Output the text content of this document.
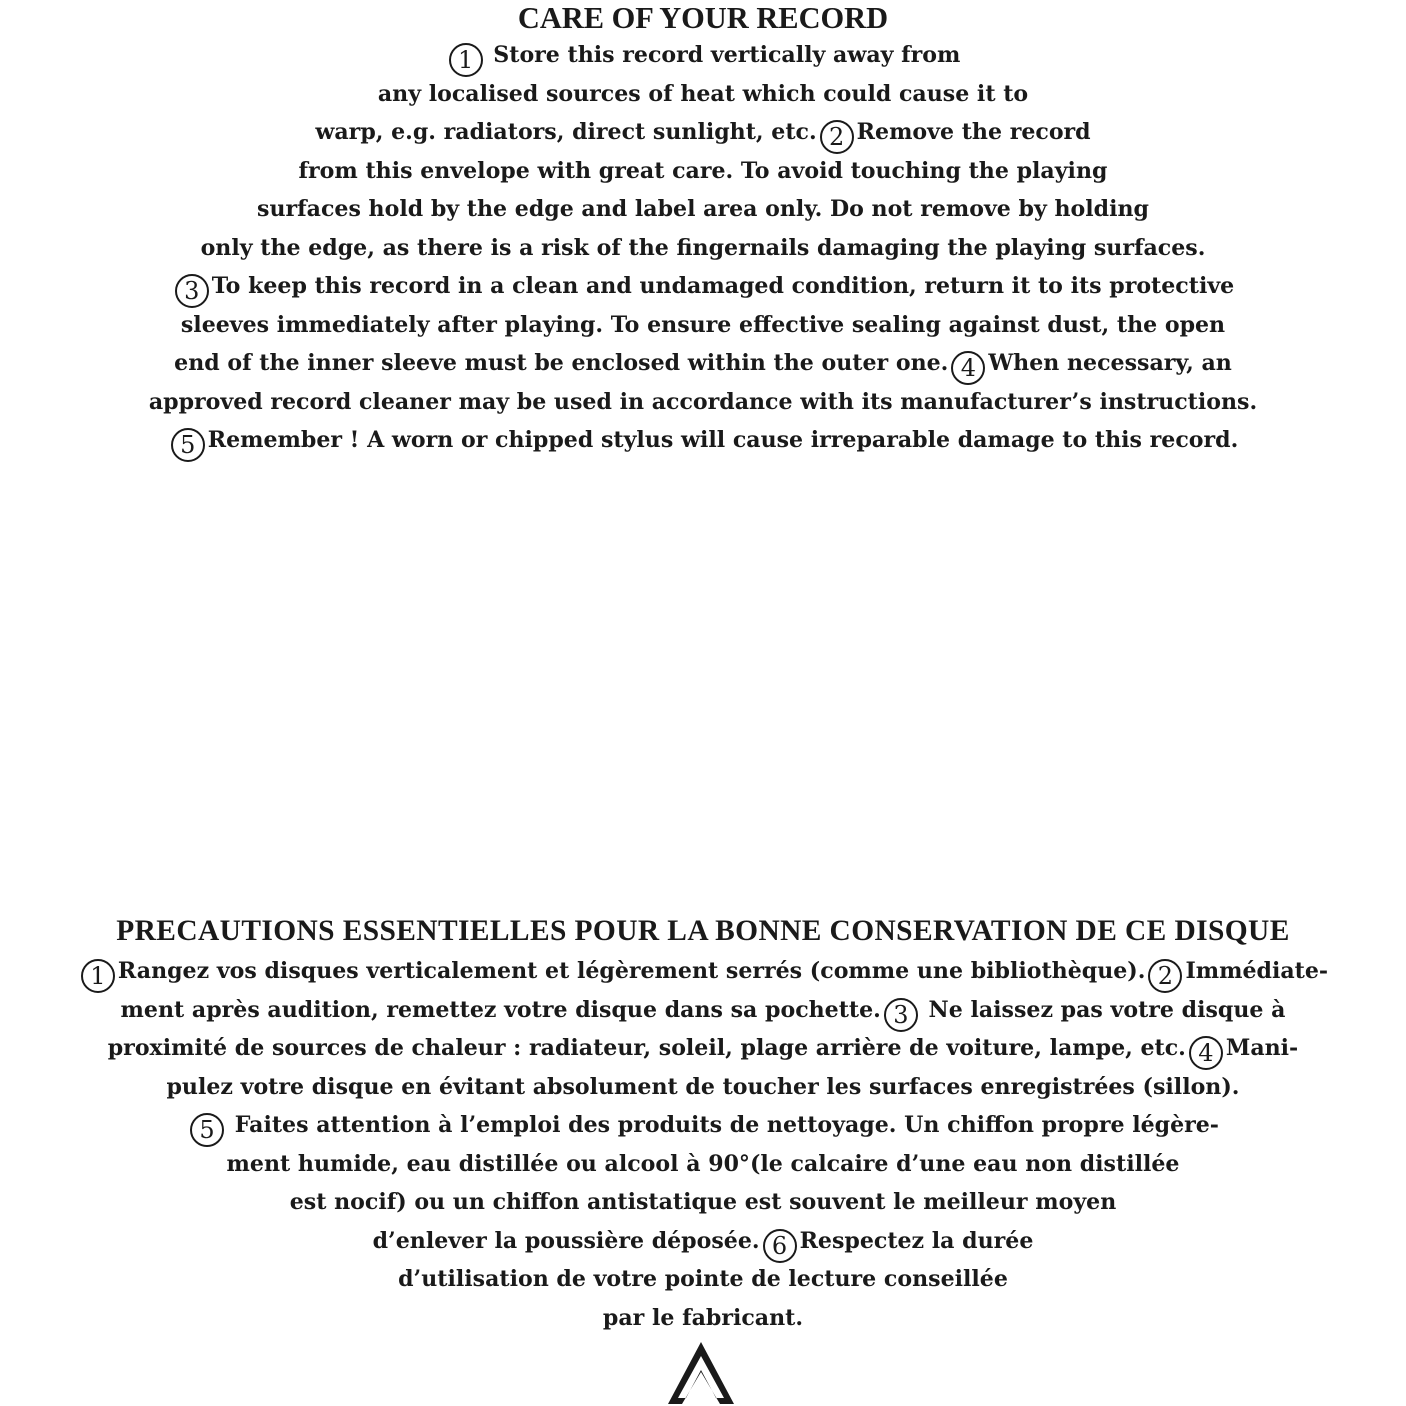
CARE OF YOUR RECORD
1 Store this record vertically away from
any localised sources of heat which could cause it to
warp, e.g. radiators, direct sunlight, etc. 2 Remove the record
from this envelope with great care. To avoid touching the playing
surfaces hold by the edge and label area only. Do not remove by holding
only the edge, as there is a risk of the fingernails damaging the playing surfaces.
3 To keep this record in a clean and undamaged condition, return it to its protective
sleeves immediately after playing. To ensure effective sealing against dust, the open
end of the inner sleeve must be enclosed within the outer one. 4 When necessary, an
approved record cleaner may be used in accordance with its manufacturer’s instructions.
5 Remember ! A worn or chipped stylus will cause irreparable damage to this record.
PRECAUTIONS ESSENTIELLES POUR LA BONNE CONSERVATION DE CE DISQUE
1 Rangez vos disques verticalement et légèrement serrés (comme une bibliothèque). 2 Immédiate-
ment après audition, remettez votre disque dans sa pochette. 3 Ne laissez pas votre disque à
proximité de sources de chaleur : radiateur, soleil, plage arrière de voiture, lampe, etc. 4 Mani-
pulez votre disque en évitant absolument de toucher les surfaces enregistrées (sillon).
5 Faites attention à l’emploi des produits de nettoyage. Un chiffon propre légère-
ment humide, eau distillée ou alcool à 90°(le calcaire d’une eau non distillée
est nocif) ou un chiffon antistatique est souvent le meilleur moyen
d’enlever la poussière déposée. 6 Respectez la durée
d’utilisation de votre pointe de lecture conseillée
par le fabricant.
